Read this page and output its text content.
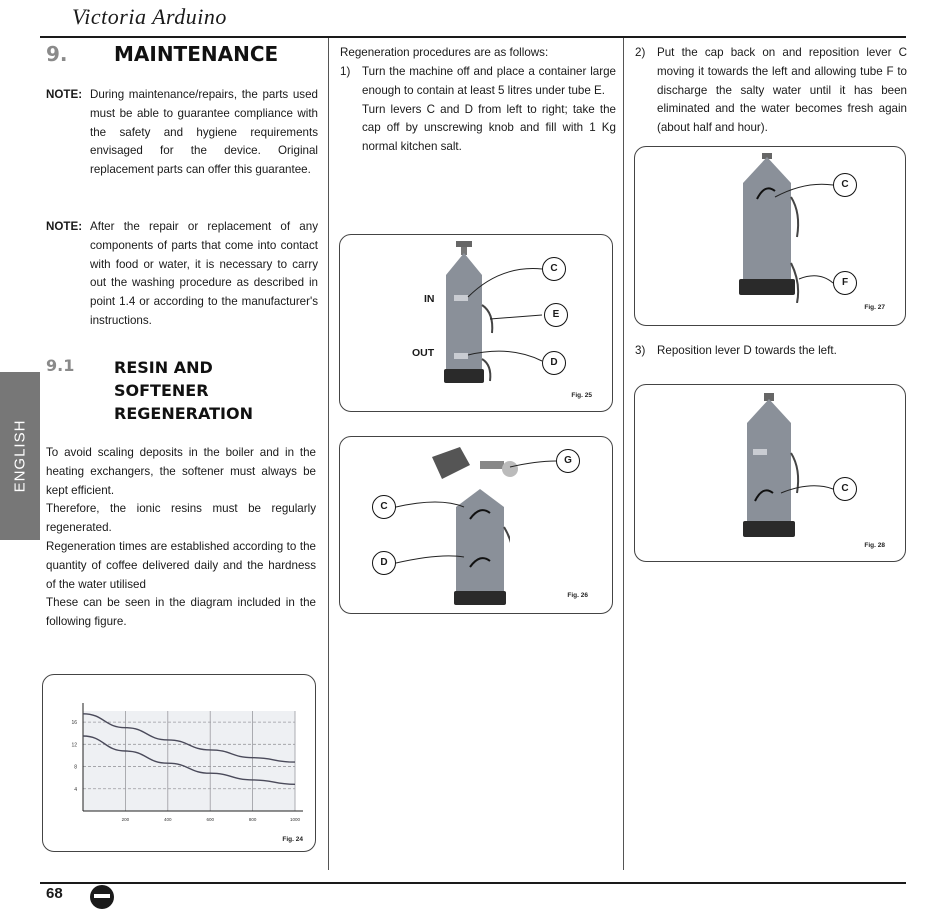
Victoria Arduino
ENGLISH
9. MAINTENANCE
NOTE: During maintenance/repairs, the parts used must be able to guarantee compliance with the safety and hygiene requirements envisaged for the device. Original replacement parts can offer this guarantee.
NOTE: After the repair or replacement of any components of parts that come into contact with food or water, it is necessary to carry out the washing procedure as described in point 1.4 or according to the manufacturer's instructions.
9.1 RESIN AND
SOFTENER
REGENERATION
To avoid scaling deposits in the boiler and in the heating exchangers, the softener must always be kept efficient.
Therefore, the ionic resins must be regularly regenerated.
Regeneration times are established according to the quantity of coffee delivered daily and the hardness of the water utilised
These can be seen in the diagram included in the following figure.
16
12
8
4
200	400	600	800	1000
Fig. 24
Regeneration procedures are as follows:
1) Turn the machine off and place a container large enough to contain at least 5 litres under tube E.
Turn levers C and D from left to right; take the cap off by unscrewing knob and fill with 1 Kg normal kitchen salt.
IN
OUT
C
E
D
Fig. 25
G
C
D
Fig. 26
2) Put the cap back on and reposition lever C moving it towards the left and allowing tube F to discharge the salty water until it has been eliminated and the water becomes fresh again (about half and hour).
C
F
Fig. 27
3) Reposition lever D towards the left.
C
Fig. 28
68
